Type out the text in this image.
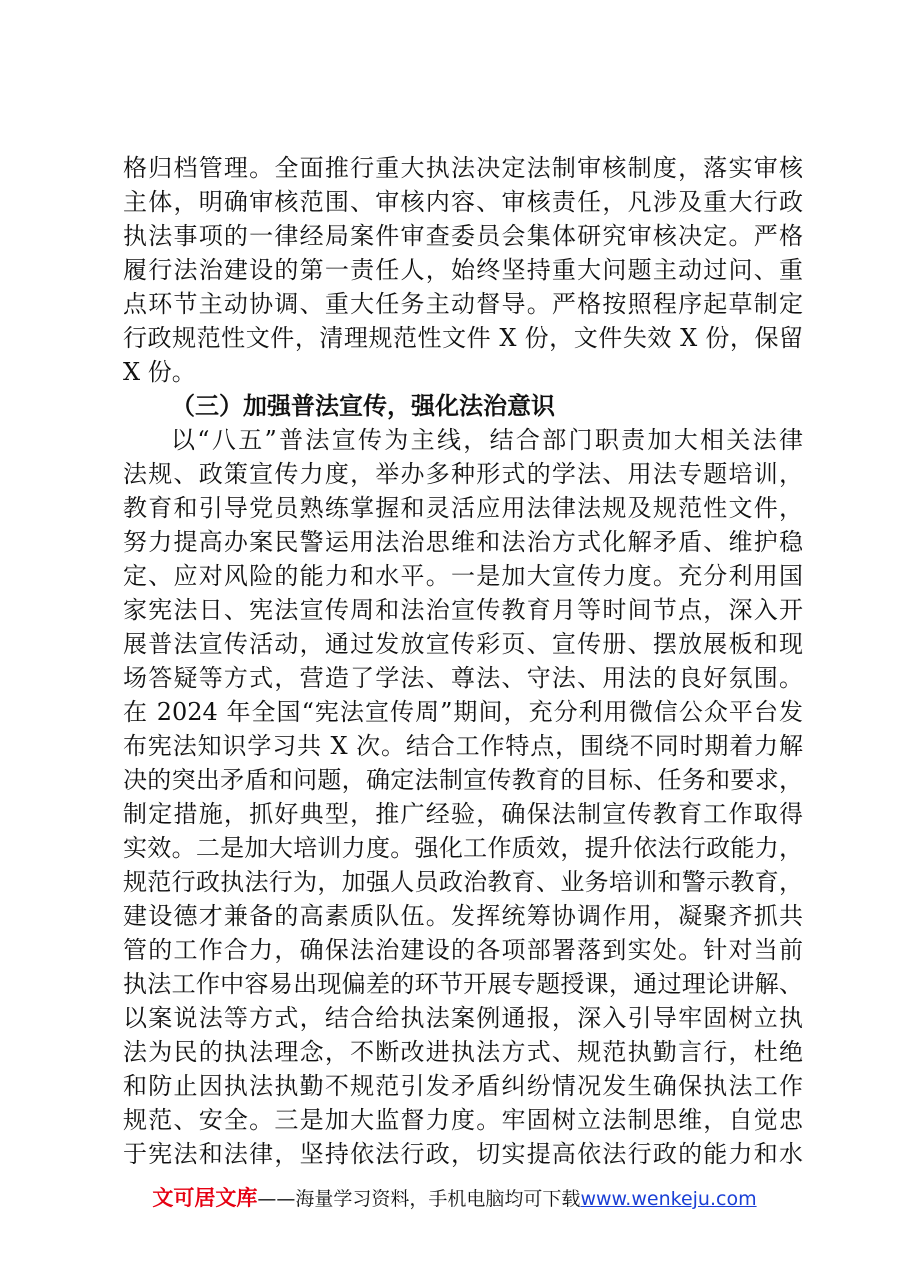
格归档管理。全面推行重大执法决定法制审核制度，落实审核
主体，明确审核范围、审核内容、审核责任，凡涉及重大行政
执法事项的一律经局案件审查委员会集体研究审核决定。严格
履行法治建设的第一责任人，始终坚持重大问题主动过问、重
点环节主动协调、重大任务主动督导。严格按照程序起草制定
行政规范性文件，清理规范性文件 X 份，文件失效 X 份，保留
X 份。
（三）加强普法宣传，强化法治意识
以“八五”普法宣传为主线，结合部门职责加大相关法律
法规、政策宣传力度，举办多种形式的学法、用法专题培训，
教育和引导党员熟练掌握和灵活应用法律法规及规范性文件，
努力提高办案民警运用法治思维和法治方式化解矛盾、维护稳
定、应对风险的能力和水平。一是加大宣传力度。充分利用国
家宪法日、宪法宣传周和法治宣传教育月等时间节点，深入开
展普法宣传活动，通过发放宣传彩页、宣传册、摆放展板和现
场答疑等方式，营造了学法、尊法、守法、用法的良好氛围。
在 2024 年全国“宪法宣传周”期间，充分利用微信公众平台发
布宪法知识学习共 X 次。结合工作特点，围绕不同时期着力解
决的突出矛盾和问题，确定法制宣传教育的目标、任务和要求，
制定措施，抓好典型，推广经验，确保法制宣传教育工作取得
实效。二是加大培训力度。强化工作质效，提升依法行政能力，
规范行政执法行为，加强人员政治教育、业务培训和警示教育，
建设德才兼备的高素质队伍。发挥统筹协调作用，凝聚齐抓共
管的工作合力，确保法治建设的各项部署落到实处。针对当前
执法工作中容易出现偏差的环节开展专题授课，通过理论讲解、
以案说法等方式，结合给执法案例通报，深入引导牢固树立执
法为民的执法理念，不断改进执法方式、规范执勤言行，杜绝
和防止因执法执勤不规范引发矛盾纠纷情况发生确保执法工作
规范、安全。三是加大监督力度。牢固树立法制思维，自觉忠
于宪法和法律，坚持依法行政，切实提高依法行政的能力和水
文可居文库——海量学习资料，手机电脑均可下载www.wenkeju.com
